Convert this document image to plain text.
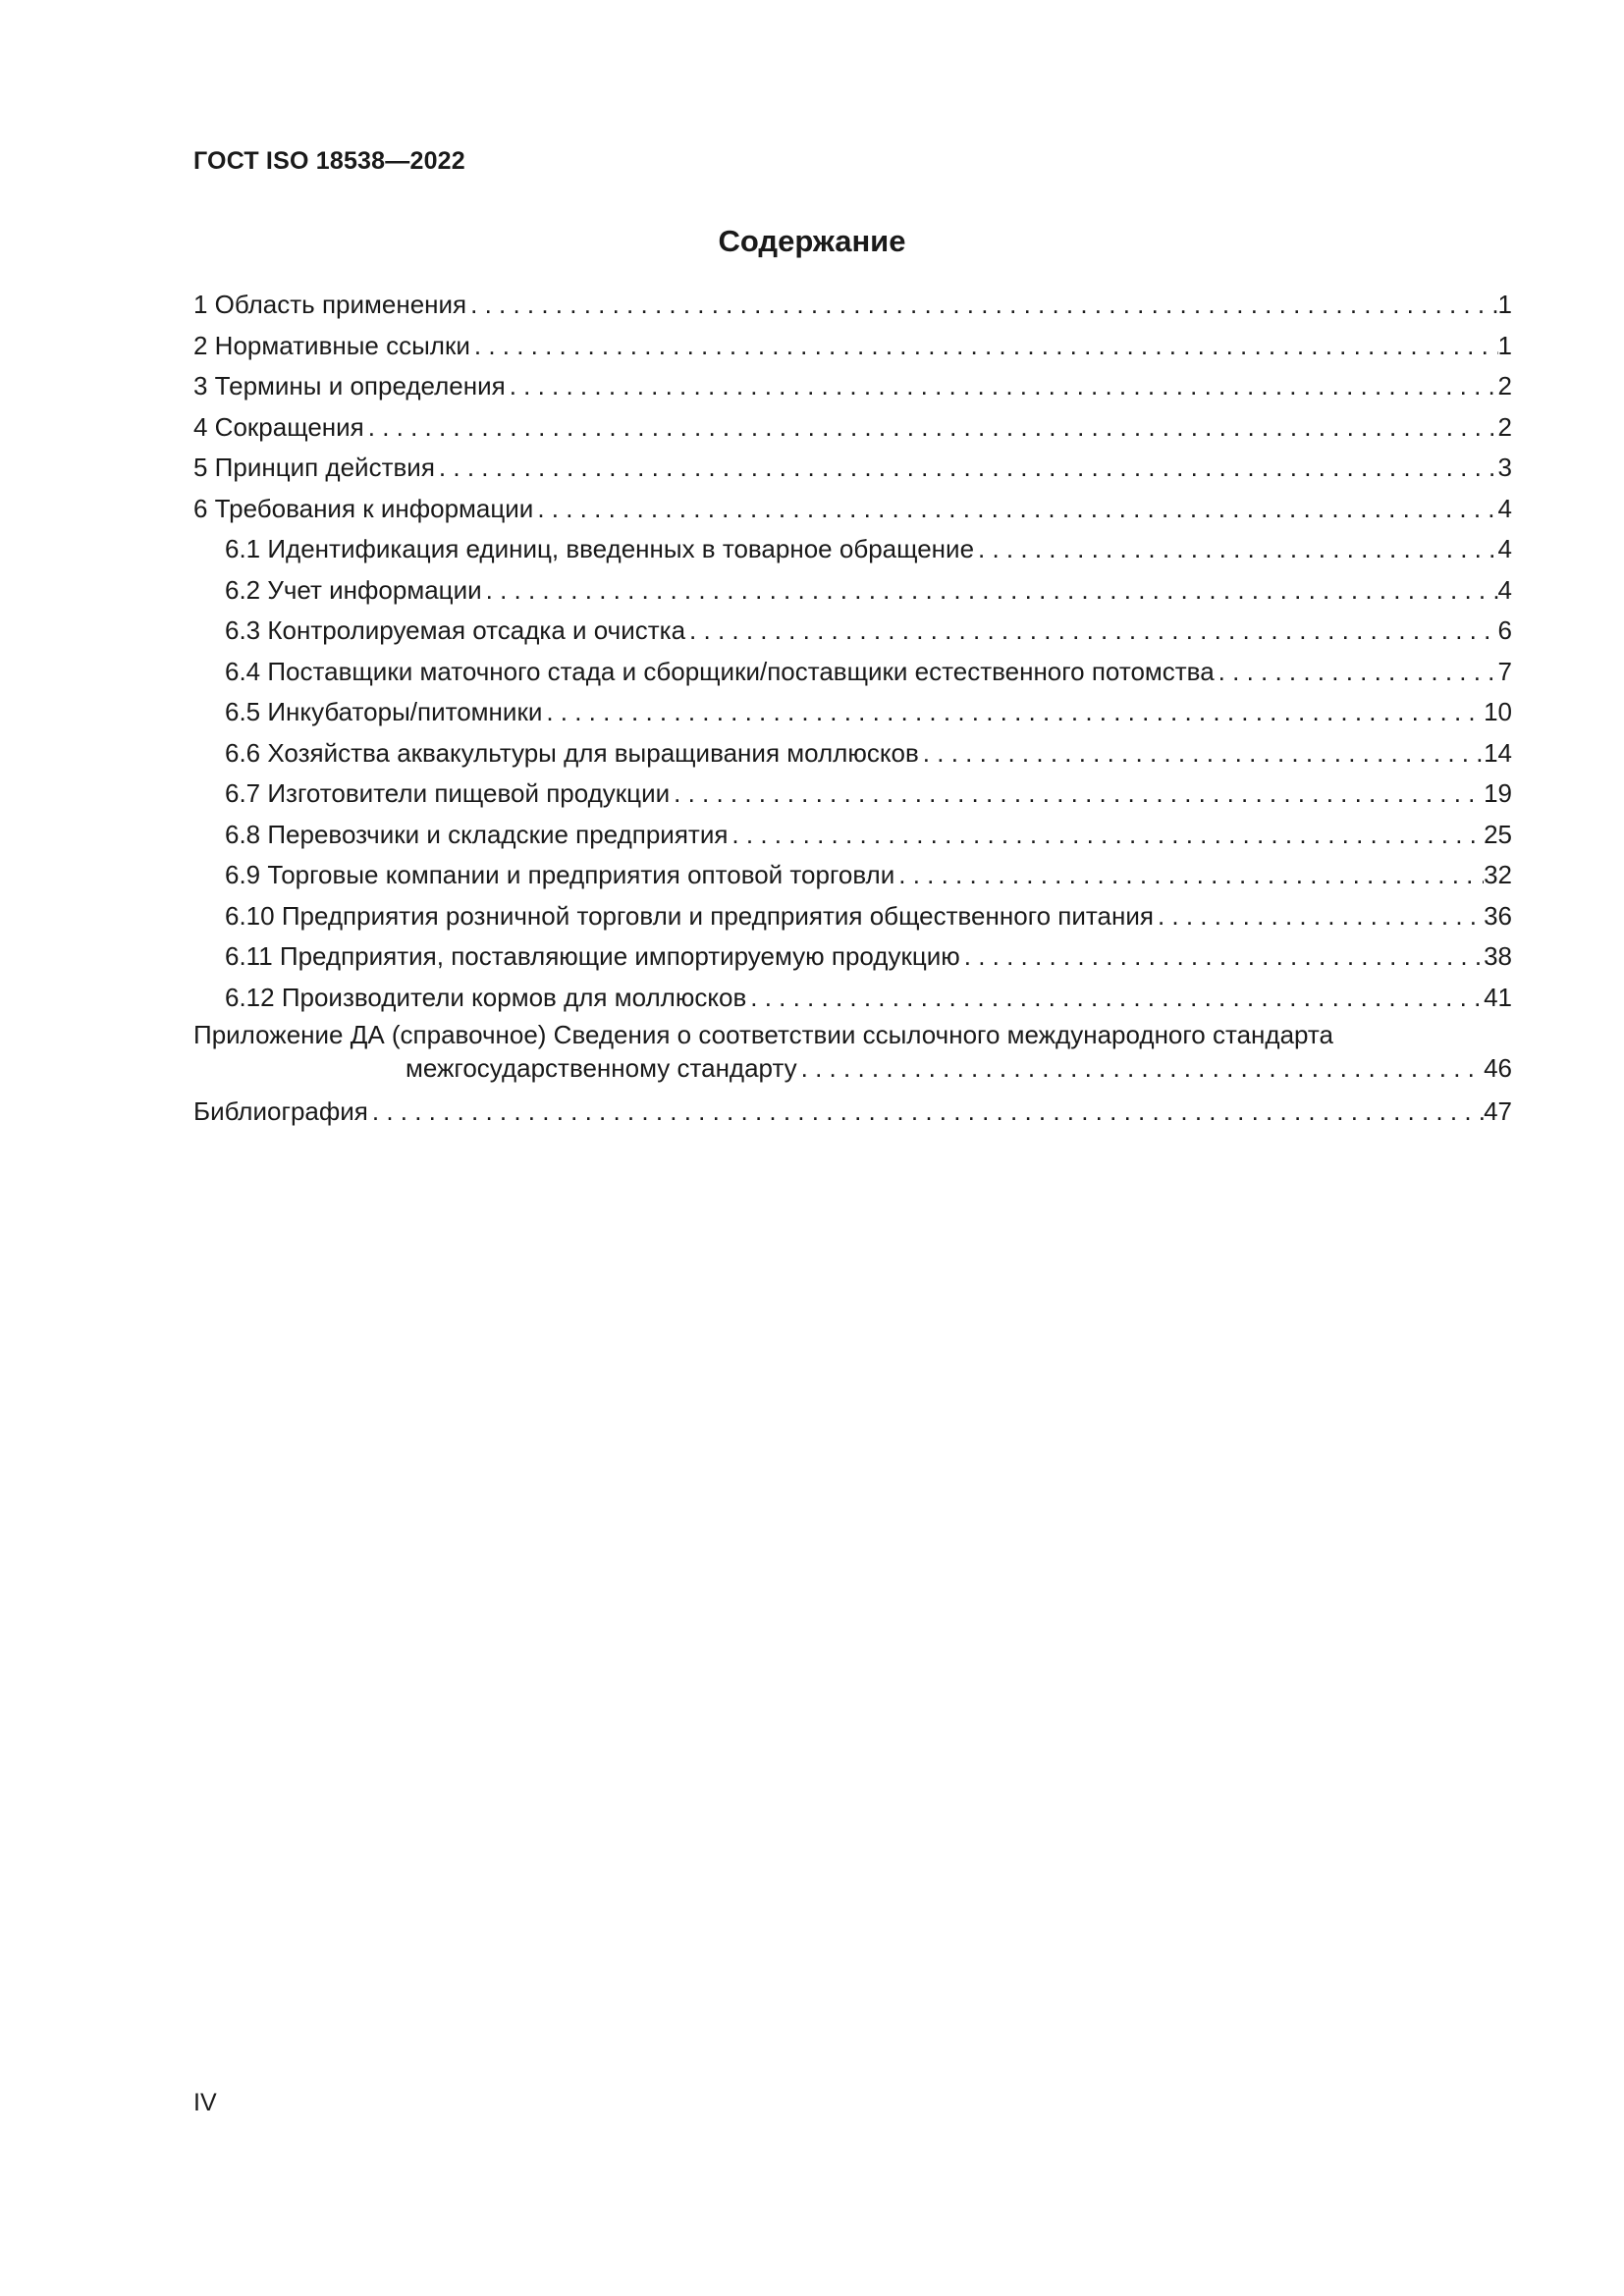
ГОСТ ISO 18538—2022
Содержание
1 Область применения . . .	1
2 Нормативные ссылки . . .	1
3 Термины и определения . . .	2
4 Сокращения . . .	2
5 Принцип действия . . .	3
6 Требования к информации . . .	4
6.1 Идентификация единиц, введенных в товарное обращение . . .	4
6.2 Учет информации . . .	4
6.3 Контролируемая отсадка и очистка . . .	6
6.4 Поставщики маточного стада и сборщики/поставщики естественного потомства . . .	7
6.5 Инкубаторы/питомники . . .	10
6.6 Хозяйства аквакультуры для выращивания моллюсков . . .	14
6.7 Изготовители пищевой продукции . . .	19
6.8 Перевозчики и складские предприятия . . .	25
6.9 Торговые компании и предприятия оптовой торговли . . .	32
6.10 Предприятия розничной торговли и предприятия общественного питания . . .	36
6.11 Предприятия, поставляющие импортируемую продукцию . . .	38
6.12 Производители кормов для моллюсков . . .	41
Приложение ДА (справочное) Сведения о соответствии ссылочного международного стандарта
межгосударственному стандарту . . .	46
Библиография . . .	47
IV
